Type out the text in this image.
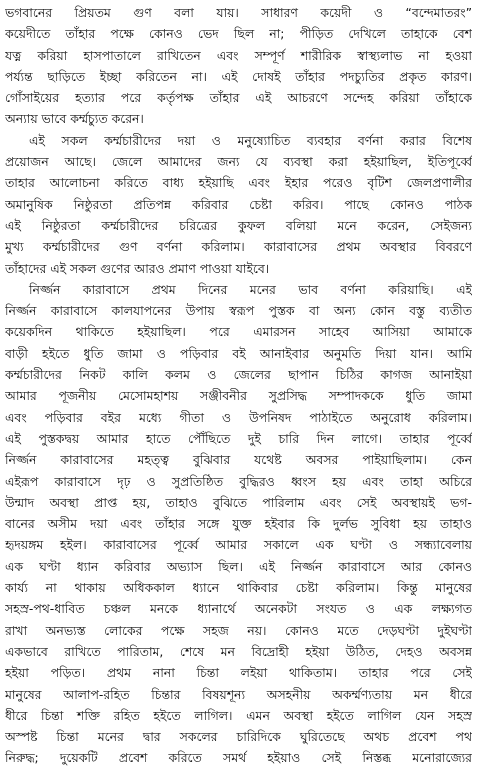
ভগবানের প্রিয়তম গুণ বলা যায়। সাধারণ কয়েদী ও “বন্দেমাতরং”
কয়েদীতে তাঁহার পক্ষে কোনও ভেদ ছিল না; পীড়িত দেখিলে তাহাকে বেশ
যত্ন করিয়া হাসপাতালে রাখিতেন এবং সম্পূর্ণ শারীরিক স্বাস্থ্যলাভ না হওয়া
পর্য্যন্ত ছাড়িতে ইচ্ছা করিতেন না। এই দোষই তাঁহার পদচ্যুতির প্রকৃত কারণ।
গোঁসাইয়ের হত্যার পরে কর্তৃপক্ষ তাঁহার এই আচরণে সন্দেহ করিয়া তাঁহাকে
অন্যায় ভাবে কর্ম্মচ্যুত করেন।
এই সকল কর্ম্মচারীদের দয়া ও মনুষ্যোচিত ব্যবহার বর্ণনা করার বিশেষ
প্রয়োজন আছে। জেলে আমাদের জন্য যে ব্যবস্থা করা হইয়াছিল, ইতিপূর্ব্বে
তাহার আলোচনা করিতে বাধ্য হইয়াছি এবং ইহার পরেও বৃটিশ জেলপ্রণালীর
অমানুষিক নিষ্ঠুরতা প্রতিপন্ন করিবার চেষ্টা করিব। পাছে কোনও পাঠক
এই নিষ্ঠুরতা কর্ম্মচারীদের চরিত্রের কুফল বলিয়া মনে করেন, সেইজন্য
মুখ্য কর্ম্মচারীদের গুণ বর্ণনা করিলাম। কারাবাসের প্রথম অবস্থার বিবরণে
তাঁহাদের এই সকল গুণের আরও প্রমাণ পাওয়া যাইবে।
নির্জ্জন কারাবাসে প্রথম দিনের মনের ভাব বর্ণনা করিয়াছি। এই
নির্জ্জন কারাবাসে কালযাপনের উপায় স্বরূপ পুস্তক বা অন্য কোন বস্তু ব্যতীত
কয়েকদিন থাকিতে হইয়াছিল। পরে এমারসন সাহেব আসিয়া আমাকে
বাড়ী হইতে ধুতি জামা ও পড়িবার বই আনাইবার অনুমতি দিয়া যান। আমি
কর্ম্মচারীদের নিকট কালি কলম ও জেলের ছাপান চিঠির কাগজ আনাইয়া
আমার পূজনীয় মেসোমহাশয় সঞ্জীবনীর সুপ্রসিদ্ধ সম্পাদককে ধুতি জামা
এবং পড়িবার বইর মধ্যে গীতা ও উপনিষদ পাঠাইতে অনুরোধ করিলাম।
এই পুস্তকদ্বয় আমার হাতে পৌঁছিতে দুই চারি দিন লাগে। তাহার পূর্ব্বে
নির্জ্জন কারাবাসের মহত্ত্ব বুঝিবার যথেষ্ট অবসর পাইয়াছিলাম। কেন
এইরূপ কারাবাসে দৃঢ় ও সুপ্রতিষ্ঠিত বুদ্ধিরও ধ্বংস হয় এবং তাহা অচিরে
উন্মাদ অবস্থা প্রাপ্ত হয়, তাহাও বুঝিতে পারিলাম এবং সেই অবস্থায়ই ভগ-
বানের অসীম দয়া এবং তাঁহার সঙ্গে যুক্ত হইবার কি দুর্লভ সুবিধা হয় তাহাও
হৃদয়ঙ্গম হইল। কারাবাসের পূর্ব্বে আমার সকালে এক ঘণ্টা ও সন্ধ্যাবেলায়
এক ঘণ্টা ধ্যান করিবার অভ্যাস ছিল। এই নির্জ্জন কারাবাসে আর কোনও
কার্য্য না থাকায় অধিককাল ধ্যানে থাকিবার চেষ্টা করিলাম। কিন্তু মানুষের
সহস্র-পথ-ধাবিত চঞ্চল মনকে ধ্যানার্থে অনেকটা সংযত ও এক লক্ষ্যগত
রাখা অনভ্যস্ত লোকের পক্ষে সহজ নয়। কোনও মতে দেড়ঘণ্টা দুইঘণ্টা
একভাবে রাখিতে পারিতাম, শেষে মন বিদ্রোহী হইয়া উঠিত, দেহও অবসন্ন
হইয়া পড়িত। প্রথম নানা চিন্তা লইয়া থাকিতাম। তাহার পরে সেই
মানুষের আলাপ-রহিত চিন্তার বিষয়শূন্য অসহনীয় অকর্ম্মণ্যতায় মন ধীরে
ধীরে চিন্তা শক্তি রহিত হইতে লাগিল। এমন অবস্থা হইতে লাগিল যেন সহস্র
অস্পষ্ট চিন্তা মনের দ্বার সকলের চারিদিকে ঘুরিতেছে অথচ প্রবেশ পথ
নিরুদ্ধ; দুয়েকটি প্রবেশ করিতে সমর্থ হইয়াও সেই নিস্তব্ধ মনোরাজ্যের
